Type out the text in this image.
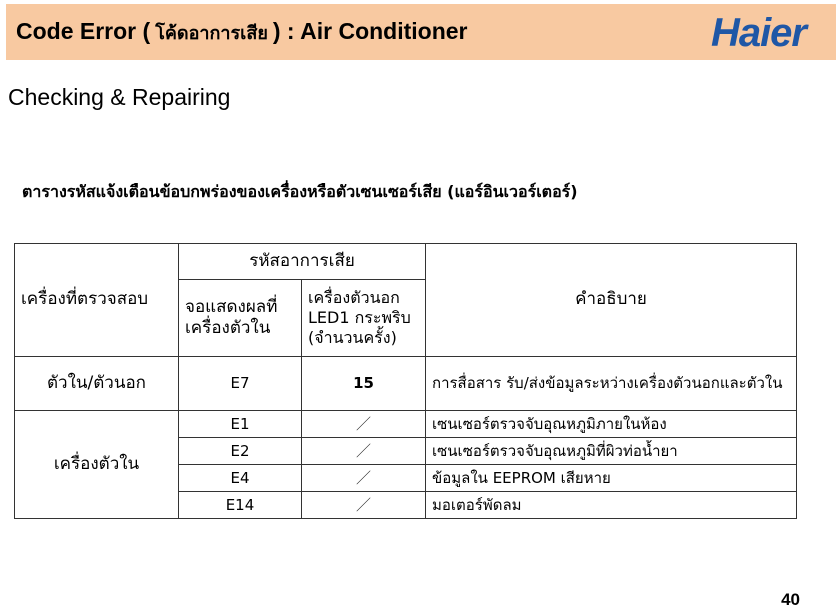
Code Error ( โค้ดอาการเสีย ) : Air Conditioner	Haier
Checking & Repairing
ตารางรหัสแจ้งเตือนข้อบกพร่องของเครื่องหรือตัวเซนเซอร์เสีย (แอร์อินเวอร์เตอร์)
เครื่องที่ตรวจสอบ	รหัสอาการเสีย		คำอธิบาย
	จอแสดงผลที่เครื่องตัวใน	เครื่องตัวนอก LED1 กระพริบ (จำนวนครั้ง)	
ตัวใน/ตัวนอก	E7	15	การสื่อสาร รับ/ส่งข้อมูลระหว่างเครื่องตัวนอกและตัวใน
เครื่องตัวใน	E1	／	เซนเซอร์ตรวจจับอุณหภูมิภายในห้อง
	E2	／	เซนเซอร์ตรวจจับอุณหภูมิที่ผิวท่อน้ำยา
	E4	／	ข้อมูลใน EEPROM เสียหาย
	E14	／	มอเตอร์พัดลม
40
